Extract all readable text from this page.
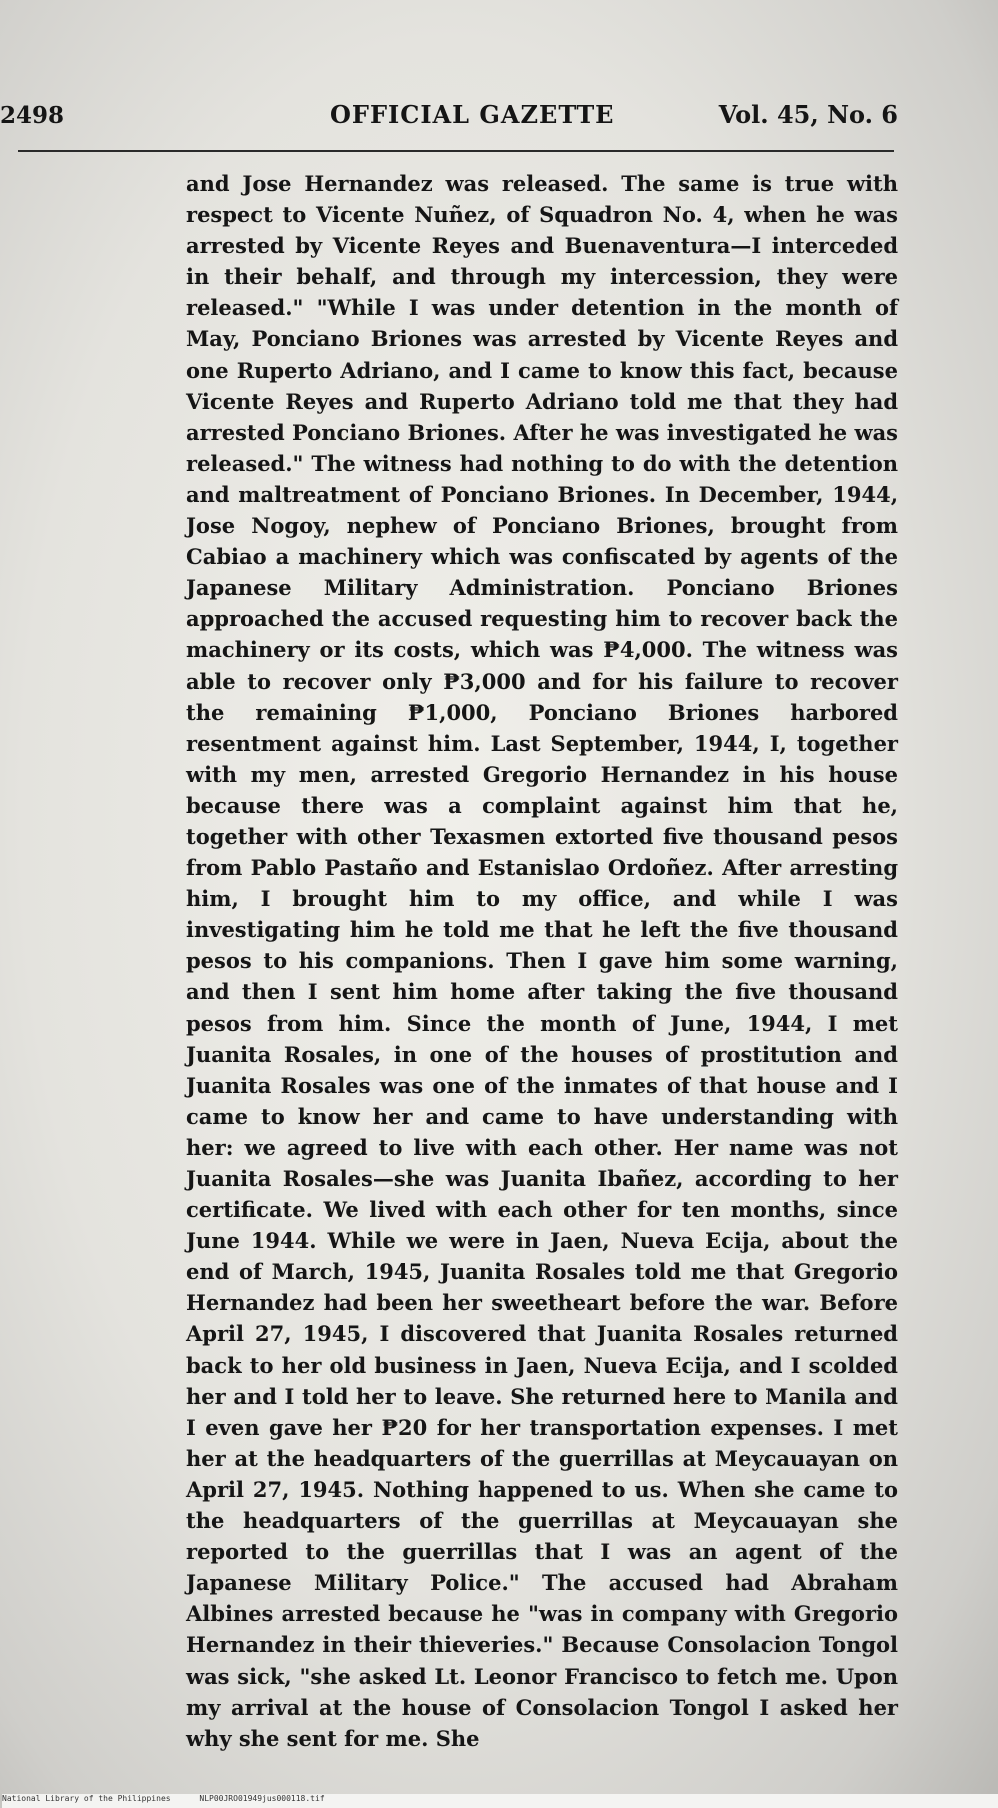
2498	OFFICIAL GAZETTE	Vol. 45, No. 6

and Jose Hernandez was released. The same is true with respect to Vicente Nuñez, of Squadron No. 4, when he was arrested by Vicente Reyes and Buenaventura—I interceded in their behalf, and through my intercession, they were released." "While I was under detention in the month of May, Ponciano Briones was arrested by Vicente Reyes and one Ruperto Adriano, and I came to know this fact, because Vicente Reyes and Ruperto Adriano told me that they had arrested Ponciano Briones. After he was investigated he was released." The witness had nothing to do with the detention and maltreatment of Ponciano Briones. In December, 1944, Jose Nogoy, nephew of Ponciano Briones, brought from Cabiao a machinery which was confiscated by agents of the Japanese Military Administration. Ponciano Briones approached the accused requesting him to recover back the machinery or its costs, which was ₱4,000. The witness was able to recover only ₱3,000 and for his failure to recover the remaining ₱1,000, Ponciano Briones harbored resentment against him. Last September, 1944, I, together with my men, arrested Gregorio Hernandez in his house because there was a complaint against him that he, together with other Texasmen extorted five thousand pesos from Pablo Pastaño and Estanislao Ordoñez. After arresting him, I brought him to my office, and while I was investigating him he told me that he left the five thousand pesos to his companions. Then I gave him some warning, and then I sent him home after taking the five thousand pesos from him. Since the month of June, 1944, I met Juanita Rosales, in one of the houses of prostitution and Juanita Rosales was one of the inmates of that house and I came to know her and came to have understanding with her: we agreed to live with each other. Her name was not Juanita Rosales—she was Juanita Ibañez, according to her certificate. We lived with each other for ten months, since June 1944. While we were in Jaen, Nueva Ecija, about the end of March, 1945, Juanita Rosales told me that Gregorio Hernandez had been her sweetheart before the war. Before April 27, 1945, I discovered that Juanita Rosales returned back to her old business in Jaen, Nueva Ecija, and I scolded her and I told her to leave. She returned here to Manila and I even gave her ₱20 for her transportation expenses. I met her at the headquarters of the guerrillas at Meycauayan on April 27, 1945. Nothing happened to us. When she came to the headquarters of the guerrillas at Meycauayan she reported to the guerrillas that I was an agent of the Japanese Military Police." The accused had Abraham Albines arrested because he "was in company with Gregorio Hernandez in their thieveries." Because Consolacion Tongol was sick, "she asked Lt. Leonor Francisco to fetch me. Upon my arrival at the house of Consolacion Tongol I asked her why she sent for me. She

National Library of the Philippines	NLP00JRO01949jus000118.tif
